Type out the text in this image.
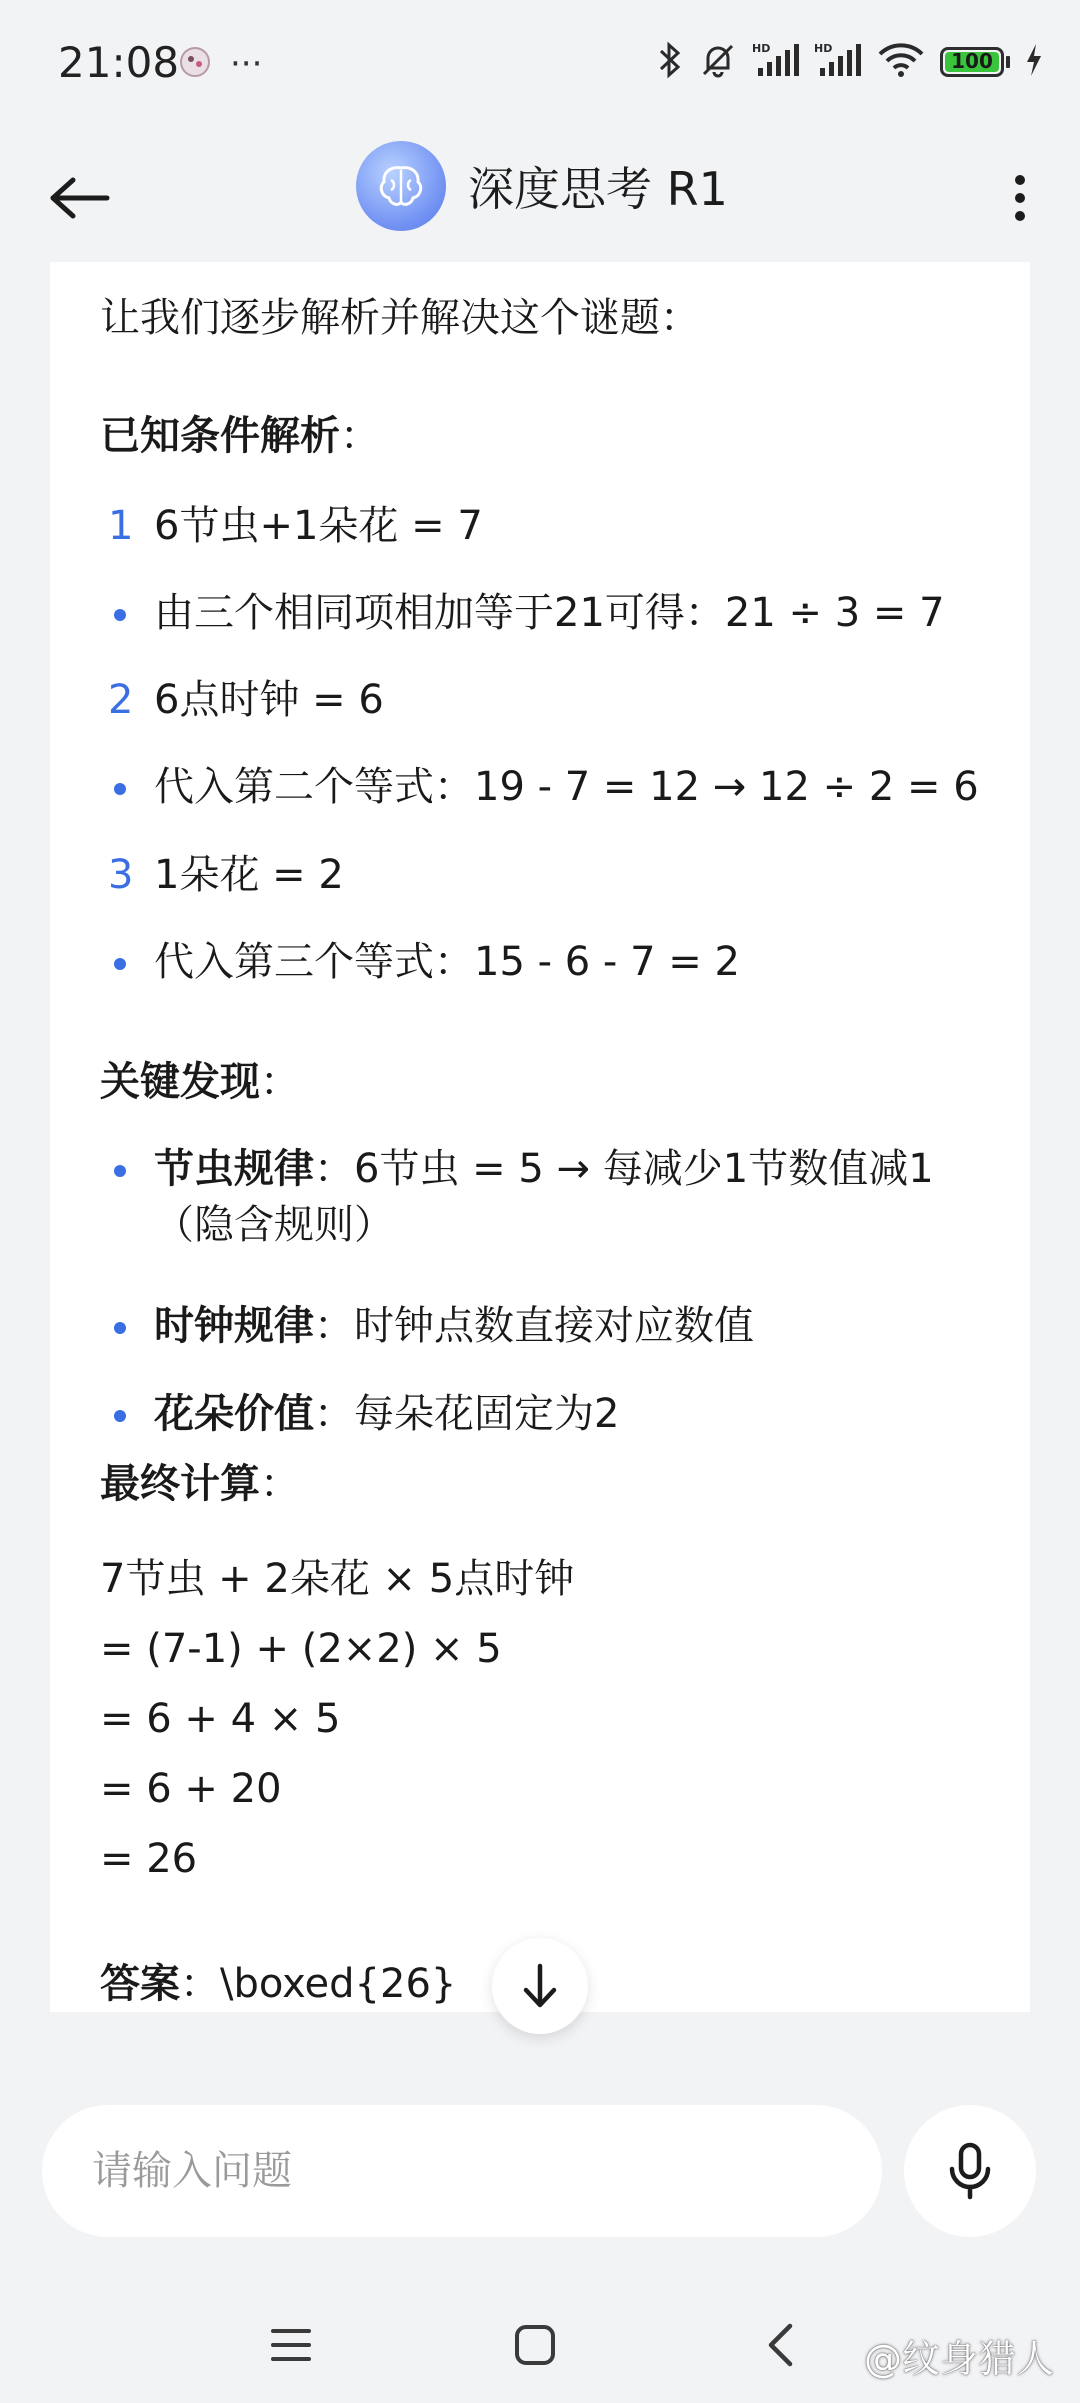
21:08 ···	HD	HD
100
深度思考 R1

让我们逐步解析并解决这个谜题：

已知条件解析：

1 6节虫+1朵花 = 7
由三个相同项相加等于21可得：21 ÷ 3 = 7
2 6点时钟 = 6
代入第二个等式：19 - 7 = 12 → 12 ÷ 2 = 6
3 1朵花 = 2
代入第三个等式：15 - 6 - 7 = 2

关键发现：

节虫规律：6节虫 = 5 → 每减少1节数值减1（隐含规则）
时钟规律：时钟点数直接对应数值
花朵价值：每朵花固定为2

最终计算：

7节虫 + 2朵花 × 5点时钟

= (7-1) + (2×2) × 5

= 6 + 4 × 5

= 6 + 20

= 26

答案：\boxed{26}

请输入问题
@纹身猎人
